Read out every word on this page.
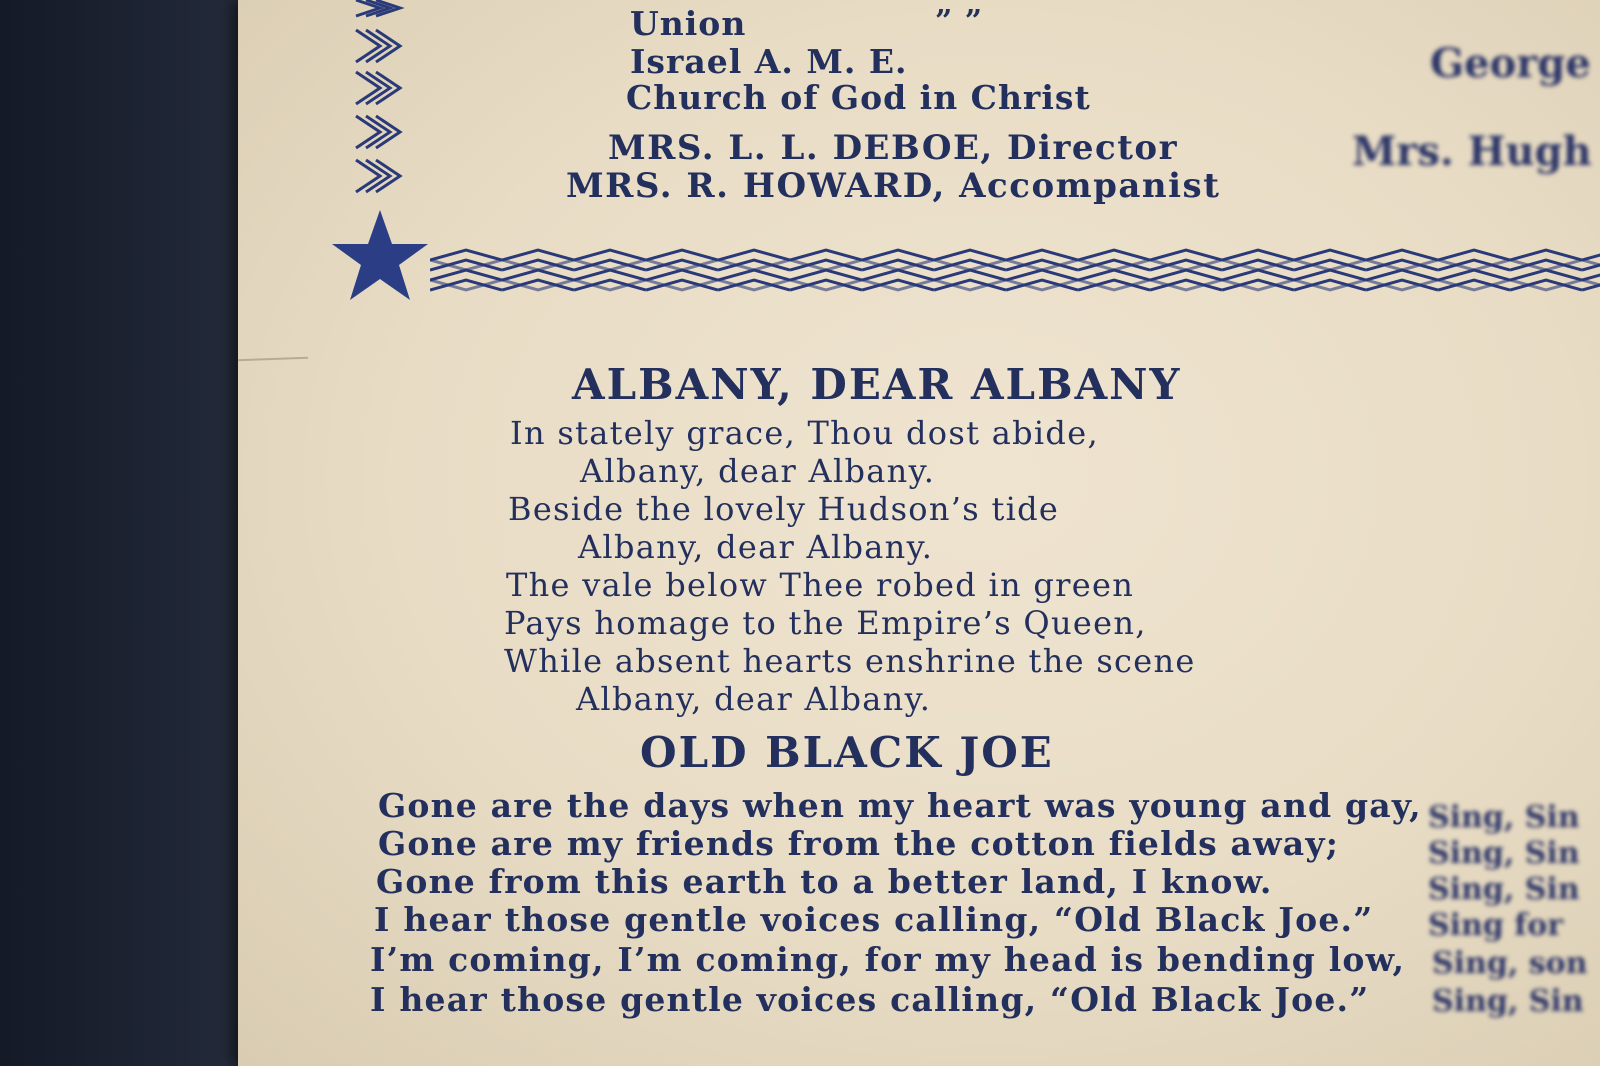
Union	” ”
Israel A. M. E.
Church of God in Christ
MRS. L. L. DEBOE, Director
MRS. R. HOWARD, Accompanist
George
Mrs. Hugh
ALBANY, DEAR ALBANY
In stately grace, Thou dost abide,
Albany, dear Albany.
Beside the lovely Hudson’s tide
Albany, dear Albany.
The vale below Thee robed in green
Pays homage to the Empire’s Queen,
While absent hearts enshrine the scene
Albany, dear Albany.
OLD BLACK JOE
Gone are the days when my heart was young and gay,
Gone are my friends from the cotton fields away;
Gone from this earth to a better land, I know.
I hear those gentle voices calling, “Old Black Joe.”
I’m coming, I’m coming, for my head is bending low,
I hear those gentle voices calling, “Old Black Joe.”
Sing, Sin
Sing, Sin
Sing, Sin
Sing for
Sing, son
Sing, Sin
